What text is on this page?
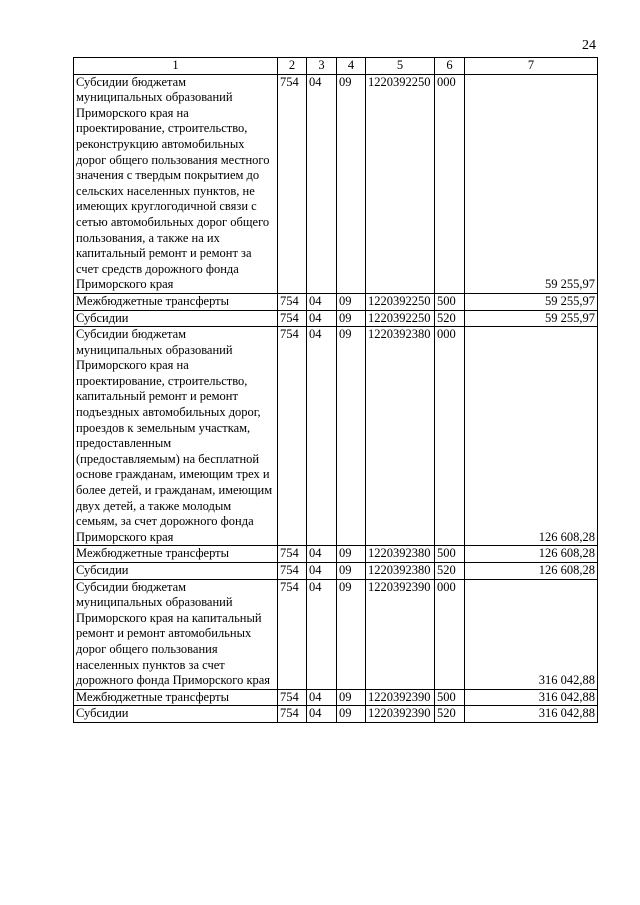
24
1	2	3	4	5	6	7
Субсидии бюджетам муниципальных образований Приморского края на проектирование, строительство, реконструкцию автомобильных дорог общего пользования местного значения с твердым покрытием до сельских населенных пунктов, не имеющих круглогодичной связи с сетью автомобильных дорог общего пользования, а также на их капитальный ремонт и ремонт за счет средств дорожного фонда Приморского края	754	04	09	1220392250	000	59 255,97
Межбюджетные трансферты	754	04	09	1220392250	500	59 255,97
Субсидии	754	04	09	1220392250	520	59 255,97
Субсидии бюджетам муниципальных образований Приморского края на проектирование, строительство, капитальный ремонт и ремонт подъездных автомобильных дорог, проездов к земельным участкам, предоставленным (предоставляемым) на бесплатной основе гражданам, имеющим трех и более детей, и гражданам, имеющим двух детей, а также молодым семьям, за счет дорожного фонда Приморского края	754	04	09	1220392380	000	126 608,28
Межбюджетные трансферты	754	04	09	1220392380	500	126 608,28
Субсидии	754	04	09	1220392380	520	126 608,28
Субсидии бюджетам муниципальных образований Приморского края на капитальный ремонт и ремонт автомобильных дорог общего пользования населенных пунктов за счет дорожного фонда Приморского края	754	04	09	1220392390	000	316 042,88
Межбюджетные трансферты	754	04	09	1220392390	500	316 042,88
Субсидии	754	04	09	1220392390	520	316 042,88
